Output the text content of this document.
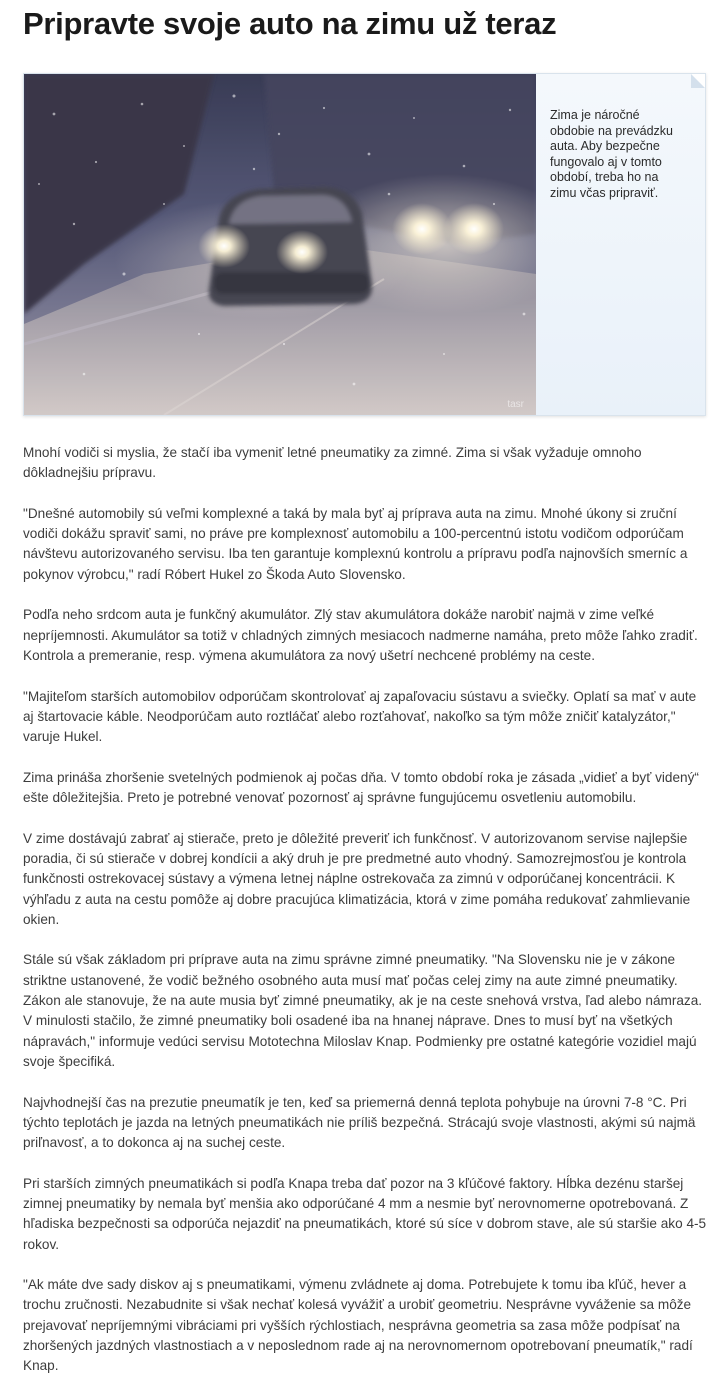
Pripravte svoje auto na zimu už teraz
tasr

Zima je náročné obdobie na prevádzku auta. Aby bezpečne fungovalo aj v tomto období, treba ho na zimu včas pripraviť.

Mnohí vodiči si myslia, že stačí iba vymeniť letné pneumatiky za zimné. Zima si však vyžaduje omnoho dôkladnejšiu prípravu.

"Dnešné automobily sú veľmi komplexné a taká by mala byť aj príprava auta na zimu. Mnohé úkony si zruční vodiči dokážu spraviť sami, no práve pre komplexnosť automobilu a 100-percentnú istotu vodičom odporúčam návštevu autorizovaného servisu. Iba ten garantuje komplexnú kontrolu a prípravu podľa najnovších smerníc a pokynov výrobcu," radí Róbert Hukel zo Škoda Auto Slovensko.

Podľa neho srdcom auta je funkčný akumulátor. Zlý stav akumulátora dokáže narobiť najmä v zime veľké nepríjemnosti. Akumulátor sa totiž v chladných zimných mesiacoch nadmerne namáha, preto môže ľahko zradiť. Kontrola a premeranie, resp. výmena akumulátora za nový ušetrí nechcené problémy na ceste.

"Majiteľom starších automobilov odporúčam skontrolovať aj zapaľovaciu sústavu a sviečky. Oplatí sa mať v aute aj štartovacie káble. Neodporúčam auto roztláčať alebo rozťahovať, nakoľko sa tým môže zničiť katalyzátor," varuje Hukel.

Zima prináša zhoršenie svetelných podmienok aj počas dňa. V tomto období roka je zásada „vidieť a byť videný“ ešte dôležitejšia. Preto je potrebné venovať pozornosť aj správne fungujúcemu osvetleniu automobilu.

V zime dostávajú zabrať aj stierače, preto je dôležité preveriť ich funkčnosť. V autorizovanom servise najlepšie poradia, či sú stierače v dobrej kondícii a aký druh je pre predmetné auto vhodný. Samozrejmosťou je kontrola funkčnosti ostrekovacej sústavy a výmena letnej náplne ostrekovača za zimnú v odporúčanej koncentrácii. K výhľadu z auta na cestu pomôže aj dobre pracujúca klimatizácia, ktorá v zime pomáha redukovať zahmlievanie okien.

Stále sú však základom pri príprave auta na zimu správne zimné pneumatiky. "Na Slovensku nie je v zákone striktne ustanovené, že vodič bežného osobného auta musí mať počas celej zimy na aute zimné pneumatiky. Zákon ale stanovuje, že na aute musia byť zimné pneumatiky, ak je na ceste snehová vrstva, ľad alebo námraza. V minulosti stačilo, že zimné pneumatiky boli osadené iba na hnanej náprave. Dnes to musí byť na všetkých nápravách," informuje vedúci servisu Mototechna Miloslav Knap. Podmienky pre ostatné kategórie vozidiel majú svoje špecifiká.

Najvhodnejší čas na prezutie pneumatík je ten, keď sa priemerná denná teplota pohybuje na úrovni 7-8 °C. Pri týchto teplotách je jazda na letných pneumatikách nie príliš bezpečná. Strácajú svoje vlastnosti, akými sú najmä priľnavosť, a to dokonca aj na suchej ceste.

Pri starších zimných pneumatikách si podľa Knapa treba dať pozor na 3 kľúčové faktory. Hĺbka dezénu staršej zimnej pneumatiky by nemala byť menšia ako odporúčané 4 mm a nesmie byť nerovnomerne opotrebovaná. Z hľadiska bezpečnosti sa odporúča nejazdiť na pneumatikách, ktoré sú síce v dobrom stave, ale sú staršie ako 4-5 rokov.

"Ak máte dve sady diskov aj s pneumatikami, výmenu zvládnete aj doma. Potrebujete k tomu iba kľúč, hever a trochu zručnosti. Nezabudnite si však nechať kolesá vyvážiť a urobiť geometriu. Nesprávne vyváženie sa môže prejavovať nepríjemnými vibráciami pri vyšších rýchlostiach, nesprávna geometria sa zasa môže podpísať na zhoršených jazdných vlastnostiach a v neposlednom rade aj na nerovnomernom opotrebovaní pneumatík," radí Knap.
